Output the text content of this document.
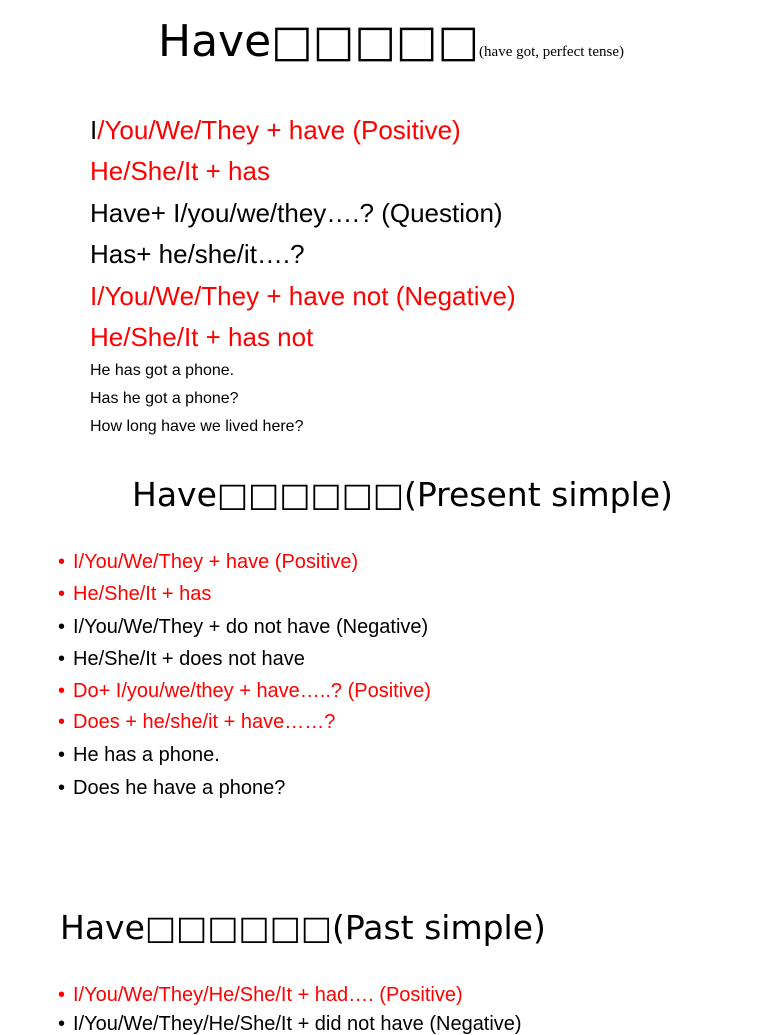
Have□□□□□(have got, perfect tense)
I/You/We/They + have (Positive)
He/She/It + has
Have+ I/you/we/they….? (Question)
Has+ he/she/it….?
I/You/We/They + have not (Negative)
He/She/It + has not
He has got a phone.
Has he got a phone?
How long have we lived here?
Have□□□□□□(Present simple)
• I/You/We/They + have (Positive)
• He/She/It + has
• I/You/We/They + do not have (Negative)
• He/She/It + does not have
• Do+ I/you/we/they + have…..? (Positive)
• Does + he/she/it + have……?
• He has a phone.
• Does he have a phone?
Have□□□□□□(Past simple)
• I/You/We/They/He/She/It + had…. (Positive)
• I/You/We/They/He/She/It + did not have (Negative)
